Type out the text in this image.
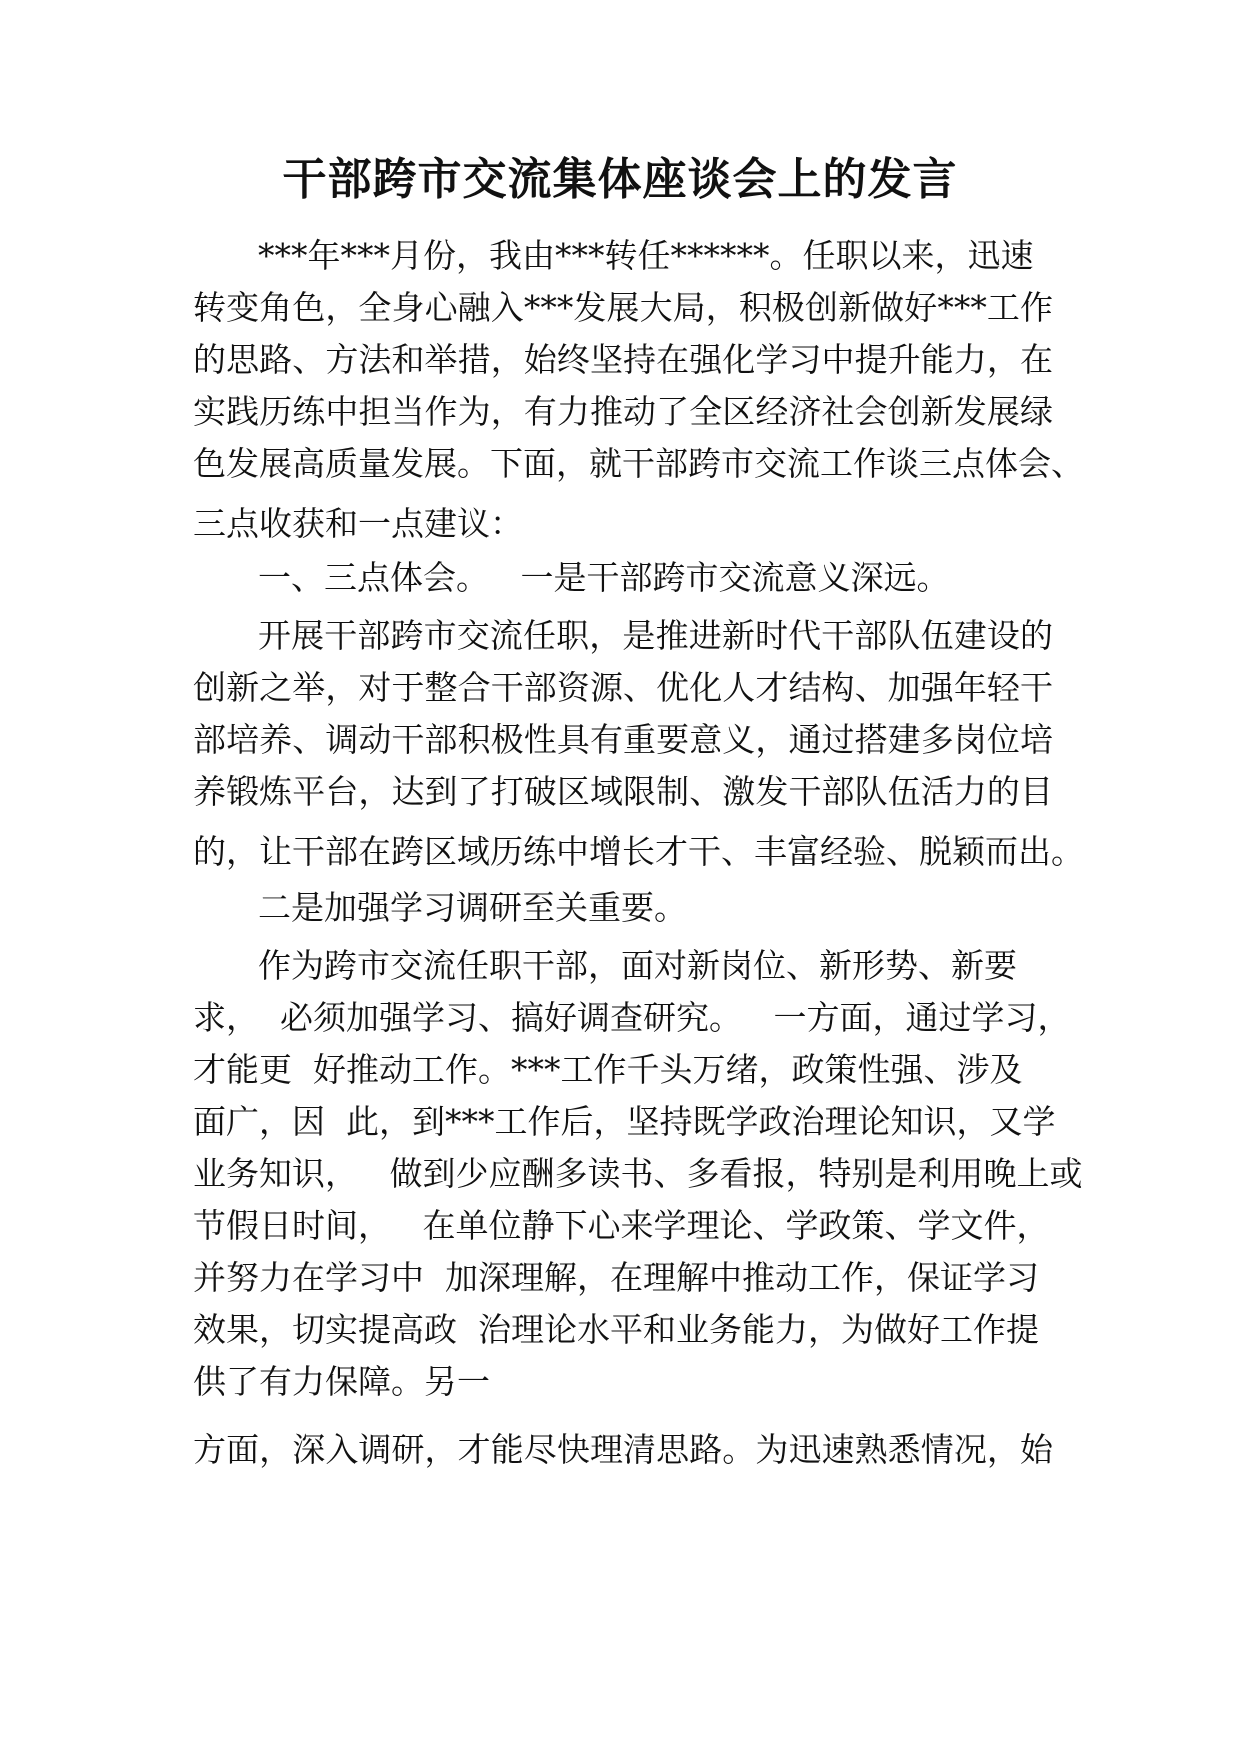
干部跨市交流集体座谈会上的发言

***年***月份，我由***转任******。任职以来，迅速

转变角色，全身心融入***发展大局，积极创新做好***工作

的思路、方法和举措，始终坚持在强化学习中提升能力，在

实践历练中担当作为，有力推动了全区经济社会创新发展绿

色发展高质量发展。下面，就干部跨市交流工作谈三点体会、

三点收获和一点建议：

一、三点体会。   一是干部跨市交流意义深远。

开展干部跨市交流任职，是推进新时代干部队伍建设的

创新之举，对于整合干部资源、优化人才结构、加强年轻干

部培养、调动干部积极性具有重要意义，通过搭建多岗位培

养锻炼平台，达到了打破区域限制、激发干部队伍活力的目

的，让干部在跨区域历练中增长才干、丰富经验、脱颖而出。

二是加强学习调研至关重要。

作为跨市交流任职干部，面对新岗位、新形势、新要

求，  必须加强学习、搞好调查研究。   一方面，通过学习，

才能更  好推动工作。***工作千头万绪，政策性强、涉及

面广，因  此，到***工作后，坚持既学政治理论知识，又学

业务知识，   做到少应酬多读书、多看报，特别是利用晚上或

节假日时间，   在单位静下心来学理论、学政策、学文件，

并努力在学习中  加深理解，在理解中推动工作，保证学习

效果，切实提高政  治理论水平和业务能力，为做好工作提

供了有力保障。另一

方面，深入调研，才能尽快理清思路。为迅速熟悉情况，始
